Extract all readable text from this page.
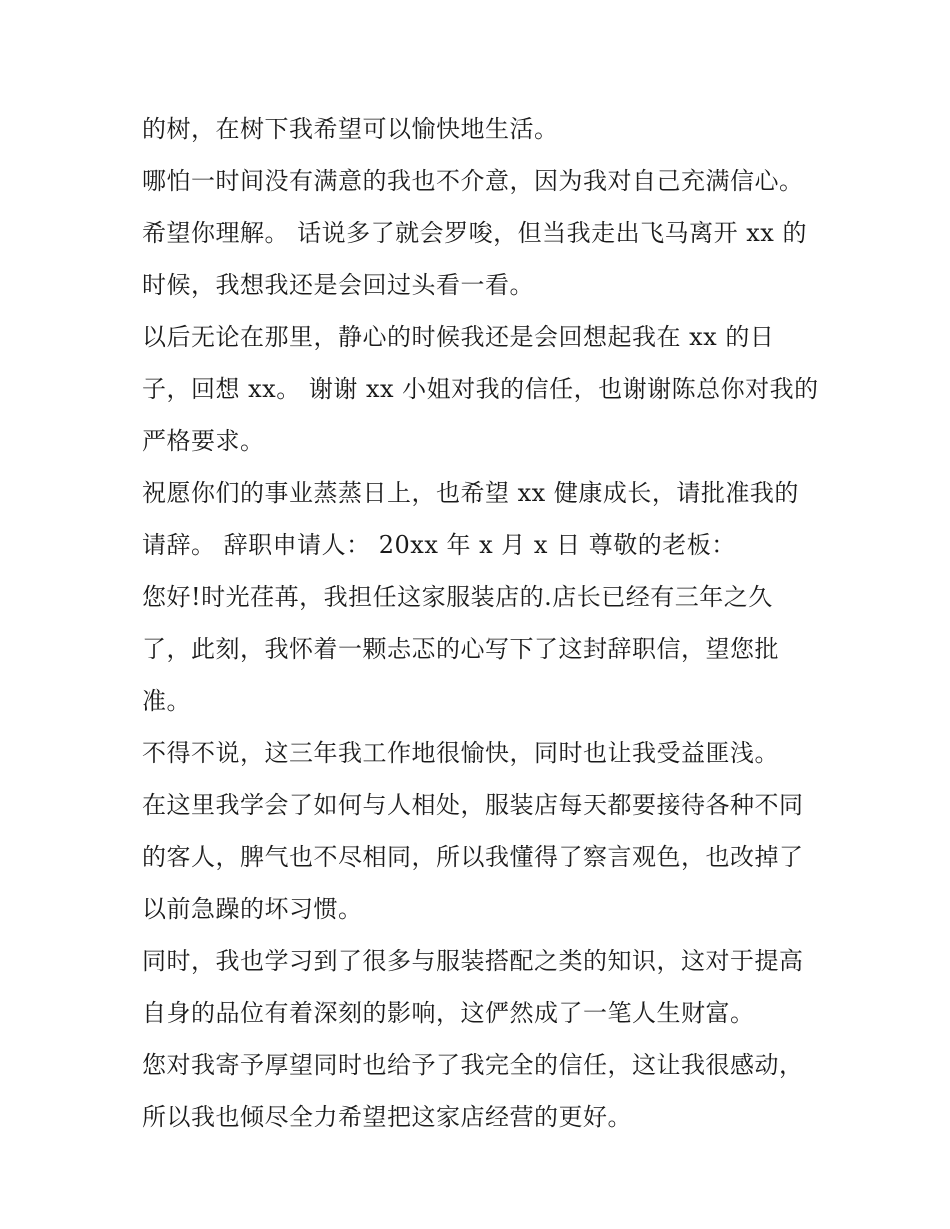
的树，在树下我希望可以愉快地生活。
哪怕一时间没有满意的我也不介意，因为我对自己充满信心。
希望你理解。 话说多了就会罗唆，但当我走出飞马离开 xx 的
时候，我想我还是会回过头看一看。
以后无论在那里，静心的时候我还是会回想起我在 xx 的日
子，回想 xx。 谢谢 xx 小姐对我的信任，也谢谢陈总你对我的
严格要求。
祝愿你们的事业蒸蒸日上，也希望 xx 健康成长，请批准我的
请辞。 辞职申请人： 20xx 年 x 月 x 日 尊敬的老板：
您好!时光荏苒，我担任这家服装店的.店长已经有三年之久
了，此刻，我怀着一颗忐忑的心写下了这封辞职信，望您批
准。
不得不说，这三年我工作地很愉快，同时也让我受益匪浅。
在这里我学会了如何与人相处，服装店每天都要接待各种不同
的客人，脾气也不尽相同，所以我懂得了察言观色，也改掉了
以前急躁的坏习惯。
同时，我也学习到了很多与服装搭配之类的知识，这对于提高
自身的品位有着深刻的影响，这俨然成了一笔人生财富。
您对我寄予厚望同时也给予了我完全的信任，这让我很感动，
所以我也倾尽全力希望把这家店经营的更好。
